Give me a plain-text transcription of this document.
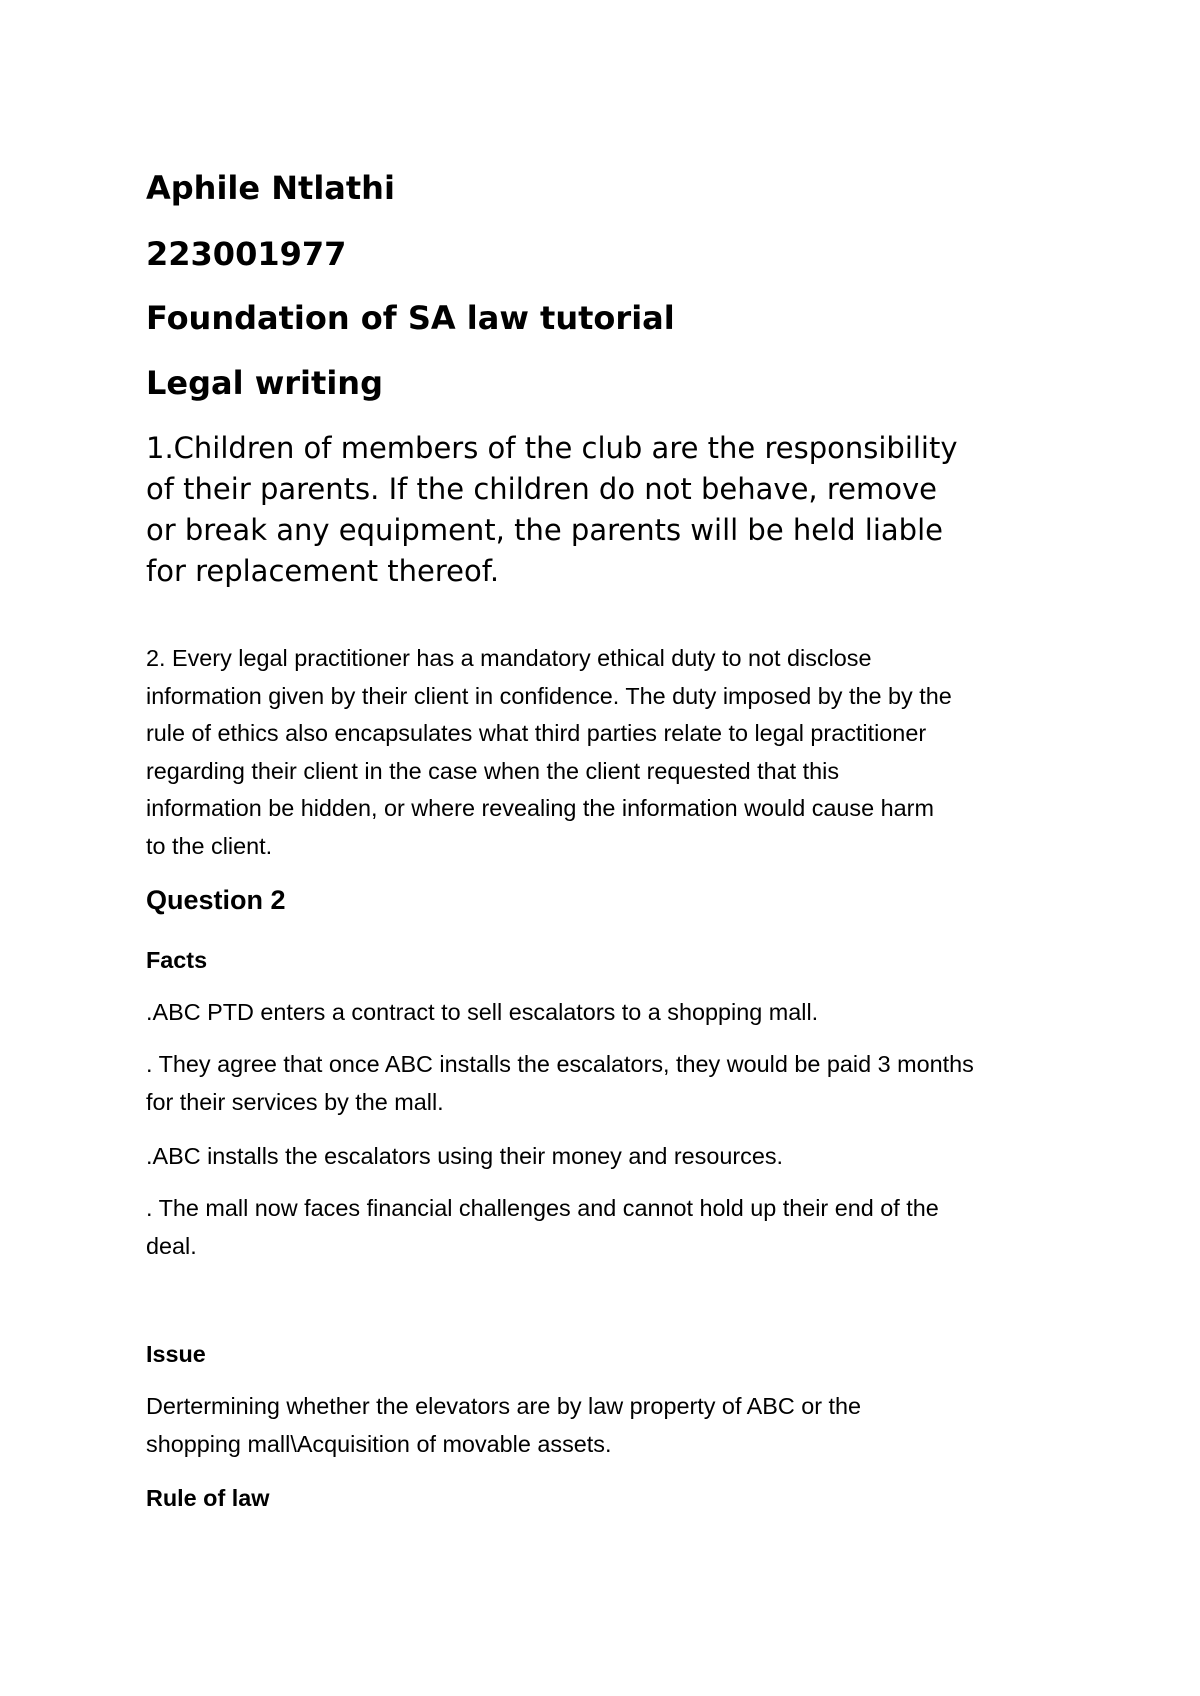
Aphile Ntlathi
223001977
Foundation of SA law tutorial
Legal writing
1.Children of members of the club are the responsibility
of their parents. If the children do not behave, remove
or break any equipment, the parents will be held liable
for replacement thereof.
2. Every legal practitioner has a mandatory ethical duty to not disclose
information given by their client in confidence. The duty imposed by the by the
rule of ethics also encapsulates what third parties relate to legal practitioner
regarding their client in the case when the client requested that this
information be hidden, or where revealing the information would cause harm
to the client.
Question 2
Facts
.ABC PTD enters a contract to sell escalators to a shopping mall.
. They agree that once ABC installs the escalators, they would be paid 3 months
for their services by the mall.
.ABC installs the escalators using their money and resources.
. The mall now faces financial challenges and cannot hold up their end of the
deal.
Issue
Dertermining whether the elevators are by law property of ABC or the
shopping mall\Acquisition of movable assets.
Rule of law
